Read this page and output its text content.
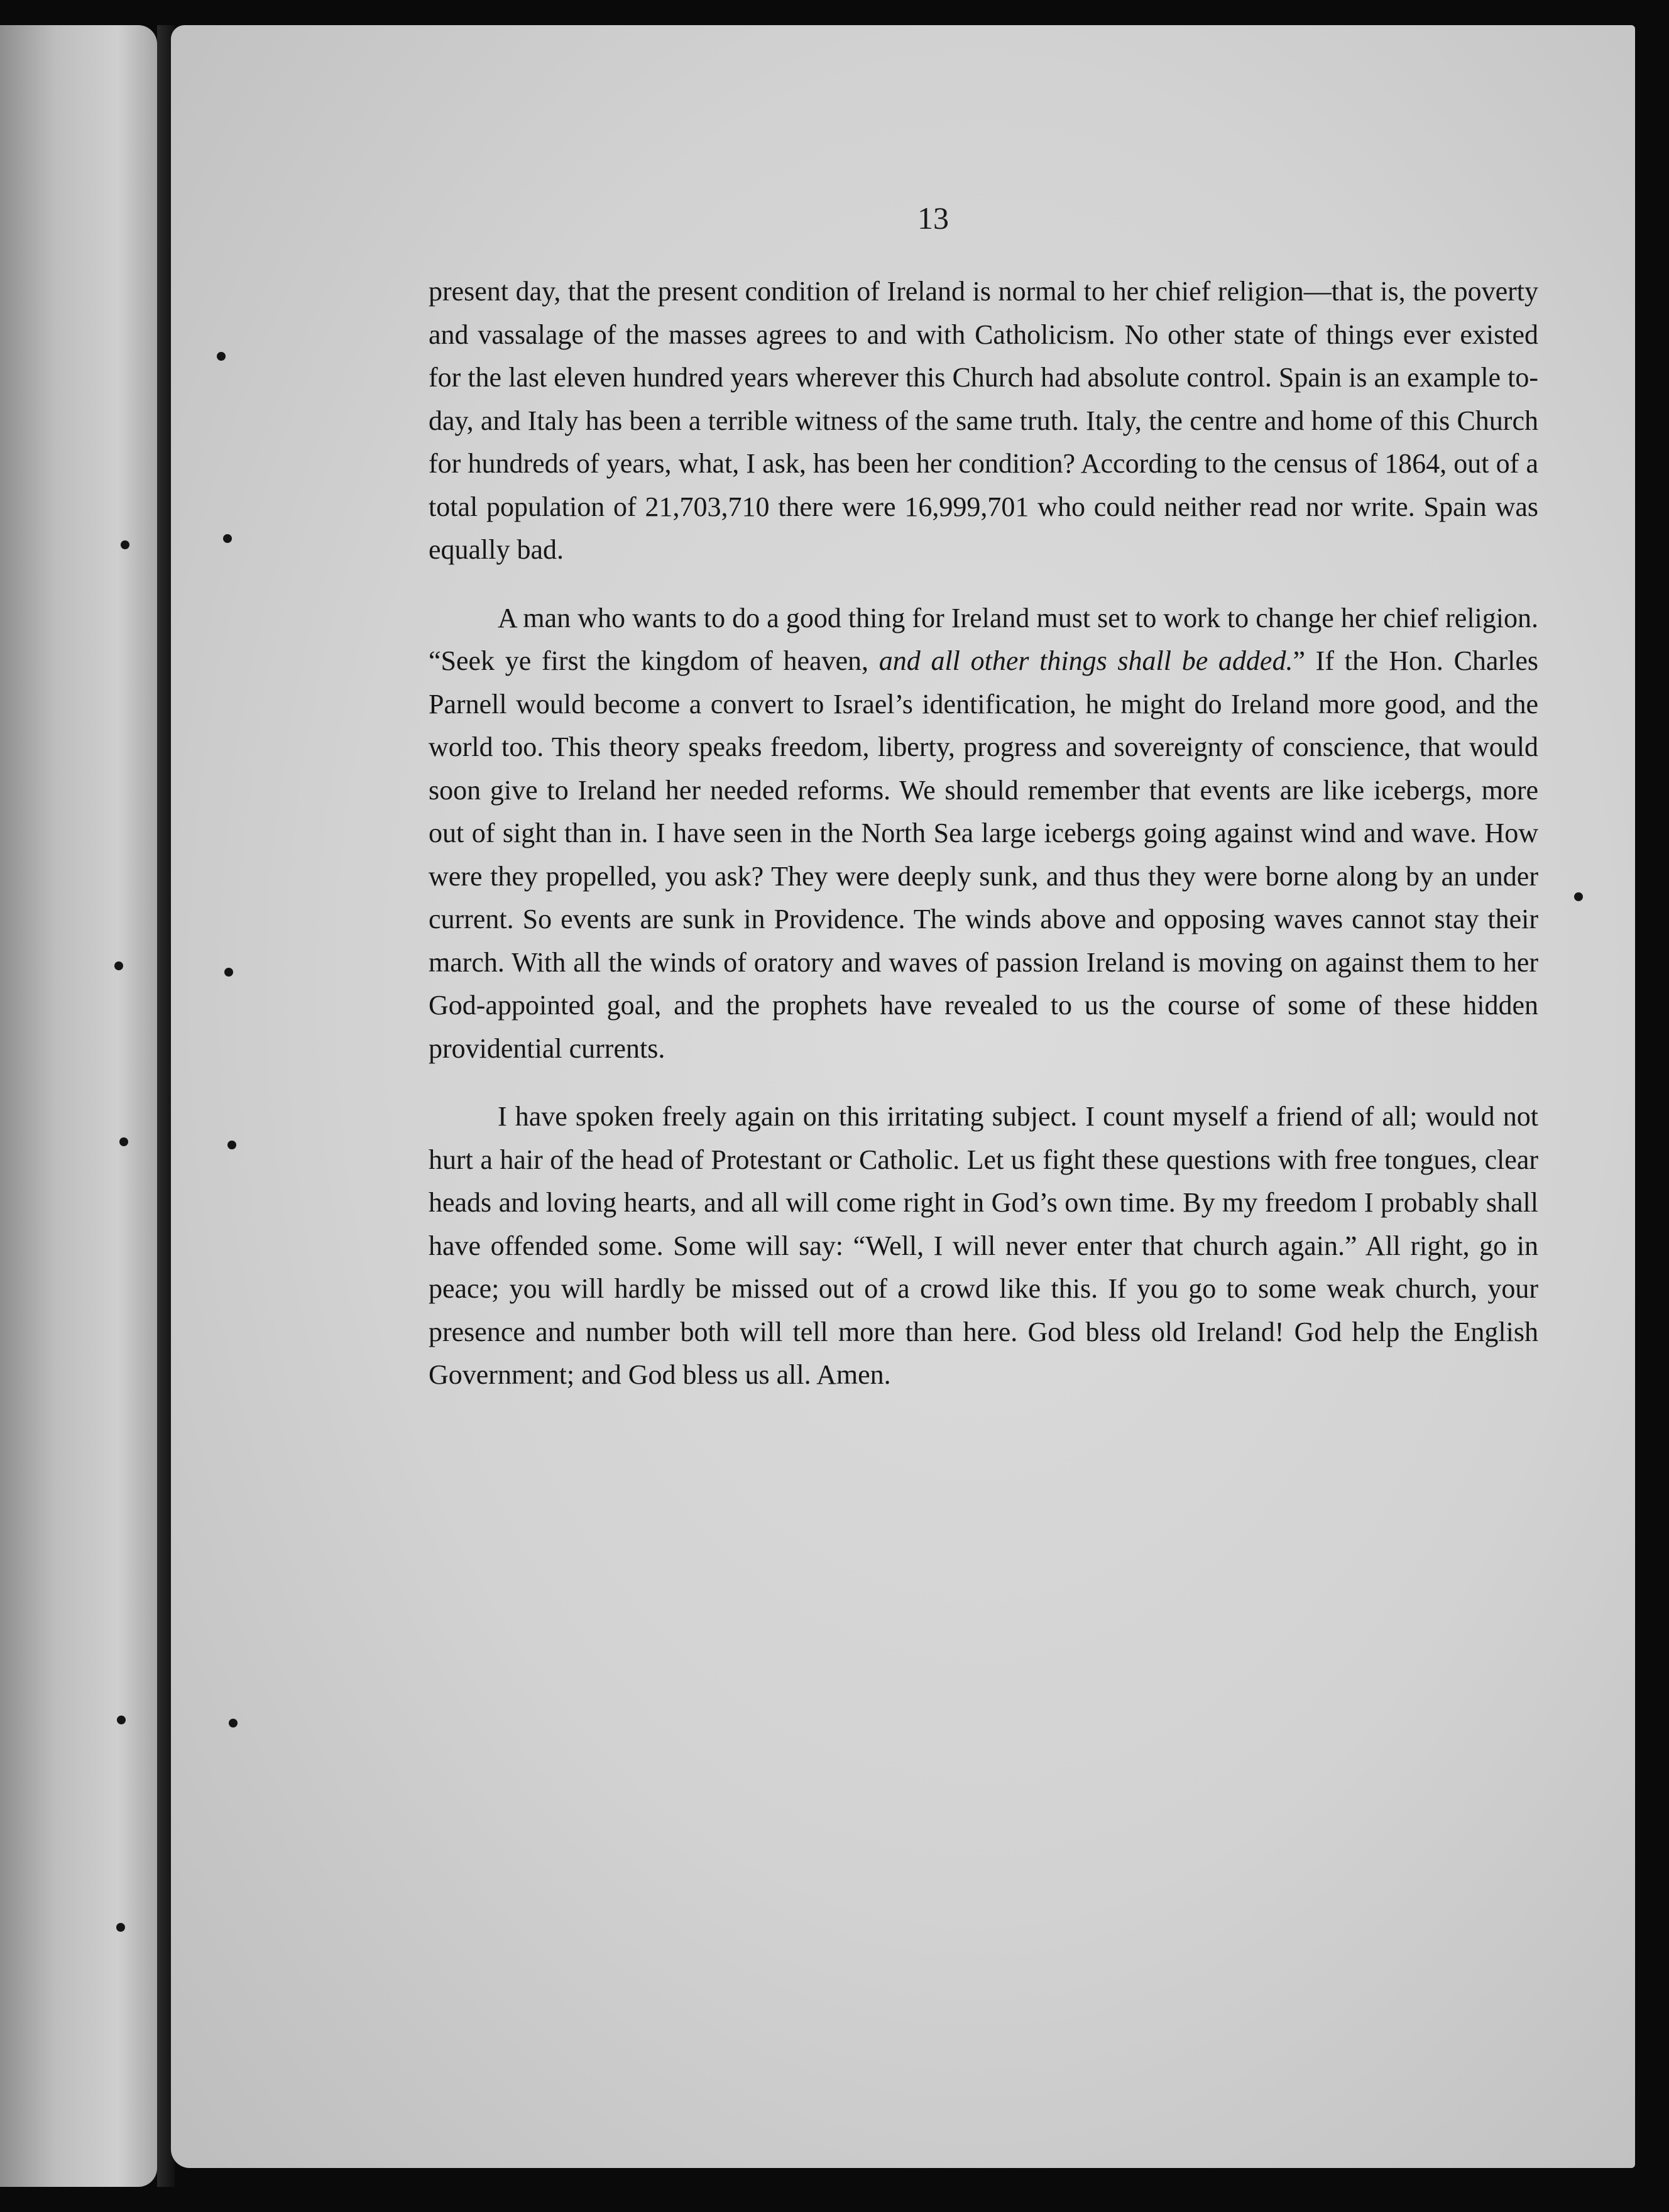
13

present day, that the present condition of Ireland is normal to her chief religion—that is, the poverty and vassalage of the masses agrees to and with Catholicism. No other state of things ever existed for the last eleven hundred years wherever this Church had absolute control. Spain is an example to-day, and Italy has been a terrible witness of the same truth. Italy, the centre and home of this Church for hundreds of years, what, I ask, has been her condition? According to the census of 1864, out of a total population of 21,703,710 there were 16,999,701 who could neither read nor write. Spain was equally bad.

A man who wants to do a good thing for Ireland must set to work to change her chief religion. “Seek ye first the kingdom of heaven, and all other things shall be added.” If the Hon. Charles Parnell would become a convert to Israel’s identification, he might do Ireland more good, and the world too. This theory speaks freedom, liberty, progress and sovereignty of conscience, that would soon give to Ireland her needed reforms. We should remember that events are like icebergs, more out of sight than in. I have seen in the North Sea large icebergs going against wind and wave. How were they propelled, you ask? They were deeply sunk, and thus they were borne along by an under current. So events are sunk in Providence. The winds above and opposing waves cannot stay their march. With all the winds of oratory and waves of passion Ireland is moving on against them to her God-appointed goal, and the prophets have revealed to us the course of some of these hidden providential currents.

I have spoken freely again on this irritating subject. I count myself a friend of all; would not hurt a hair of the head of Protestant or Catholic. Let us fight these questions with free tongues, clear heads and loving hearts, and all will come right in God’s own time. By my freedom I probably shall have offended some. Some will say: “Well, I will never enter that church again.” All right, go in peace; you will hardly be missed out of a crowd like this. If you go to some weak church, your presence and number both will tell more than here. God bless old Ireland! God help the English Government; and God bless us all. Amen.
